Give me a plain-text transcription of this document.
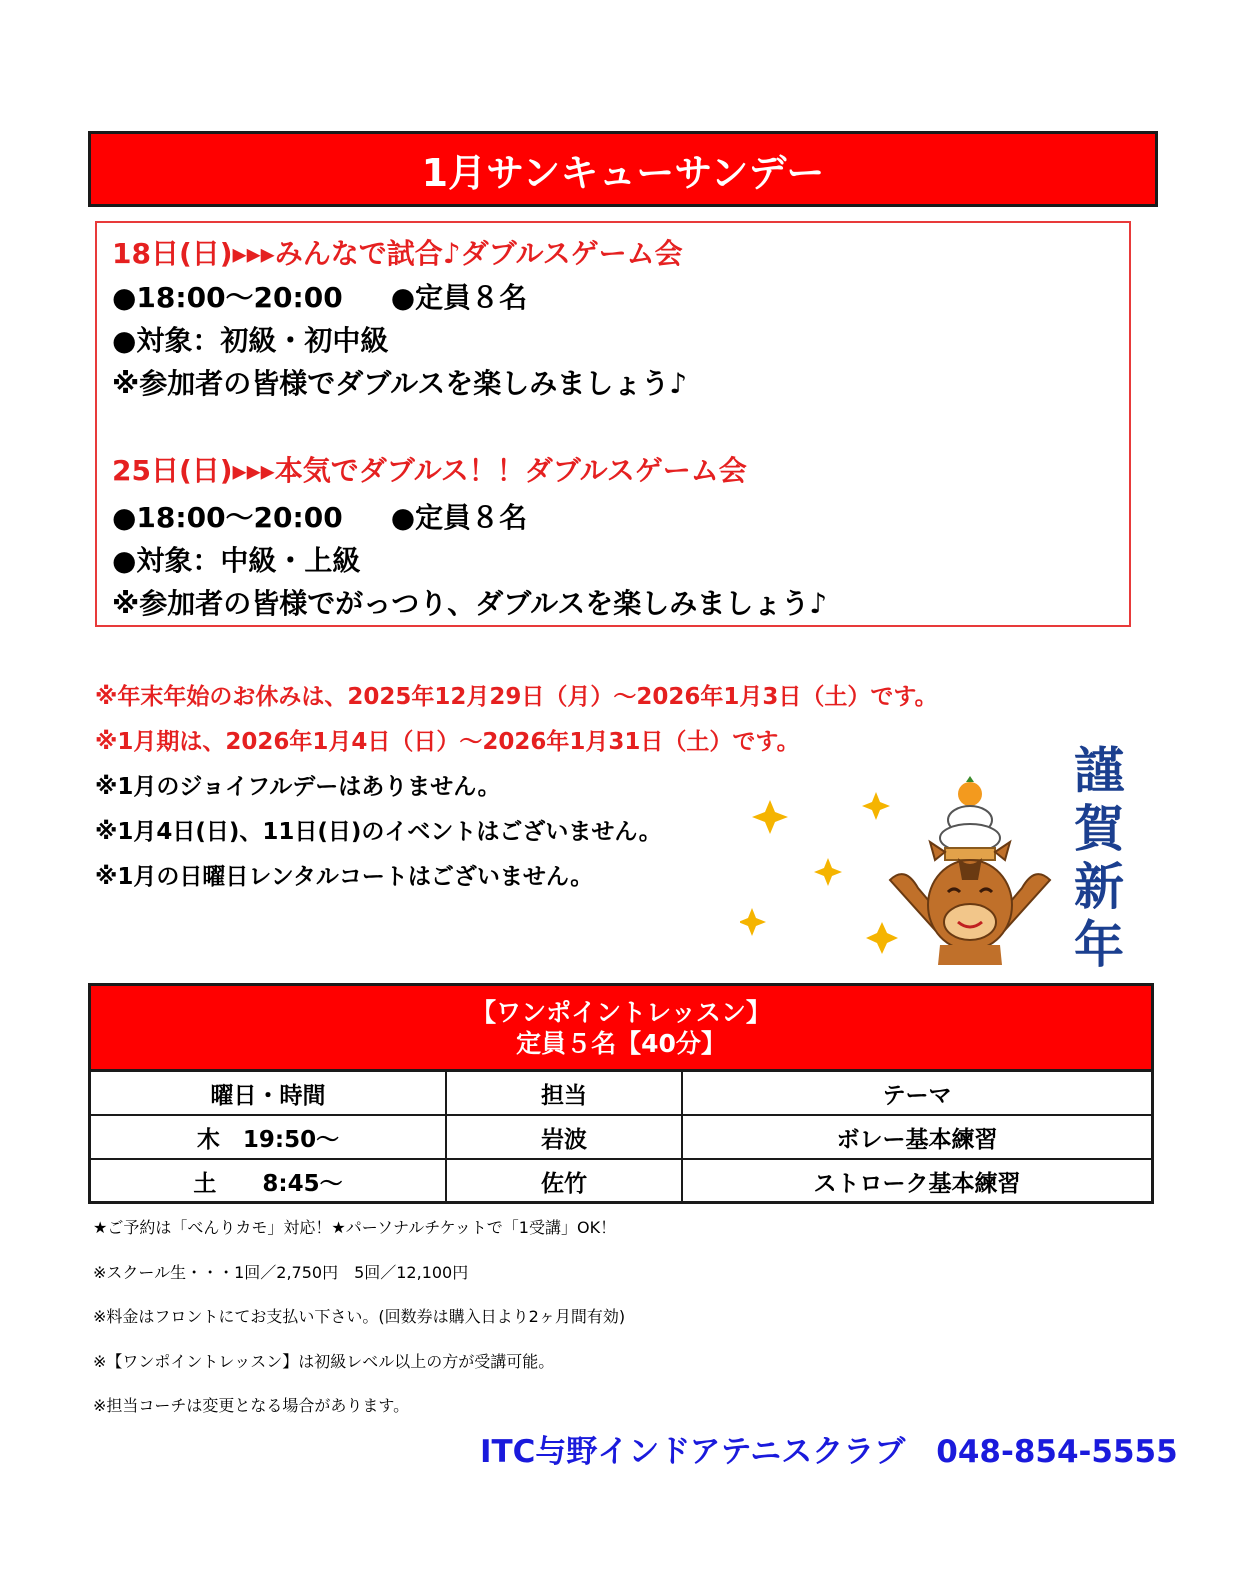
1月サンキューサンデー
18日(日)▸▸▸みんなで試合♪ダブルスゲーム会
●18:00～20:00 ●定員８名
●対象：初級・初中級
※参加者の皆様でダブルスを楽しみましょう♪
25日(日)▸▸▸本気でダブルス！！ダブルスゲーム会
●18:00～20:00 ●定員８名
●対象：中級・上級
※参加者の皆様でがっつり、ダブルスを楽しみましょう♪
※年末年始のお休みは、2025年12月29日（月）～2026年1月3日（土）です。
※1月期は、2026年1月4日（日）～2026年1月31日（土）です。
※1月のジョイフルデーはありません。
※1月4日(日)、11日(日)のイベントはございません。
※1月の日曜日レンタルコートはございません。
謹
賀
新
年
【ワンポイントレッスン】
定員５名【40分】
曜日・時間	担当	テーマ
木　19:50～	岩波	ボレー基本練習
土　　8:45～	佐竹	ストローク基本練習
★ご予約は「べんりカモ」対応！★パーソナルチケットで「1受講」OK！
※スクール生・・・1回／2,750円　5回／12,100円
※料金はフロントにてお支払い下さい。(回数券は購入日より2ヶ月間有効)
※【ワンポイントレッスン】は初級レベル以上の方が受講可能。
※担当コーチは変更となる場合があります。
ITC与野インドアテニスクラブ　048-854-5555
